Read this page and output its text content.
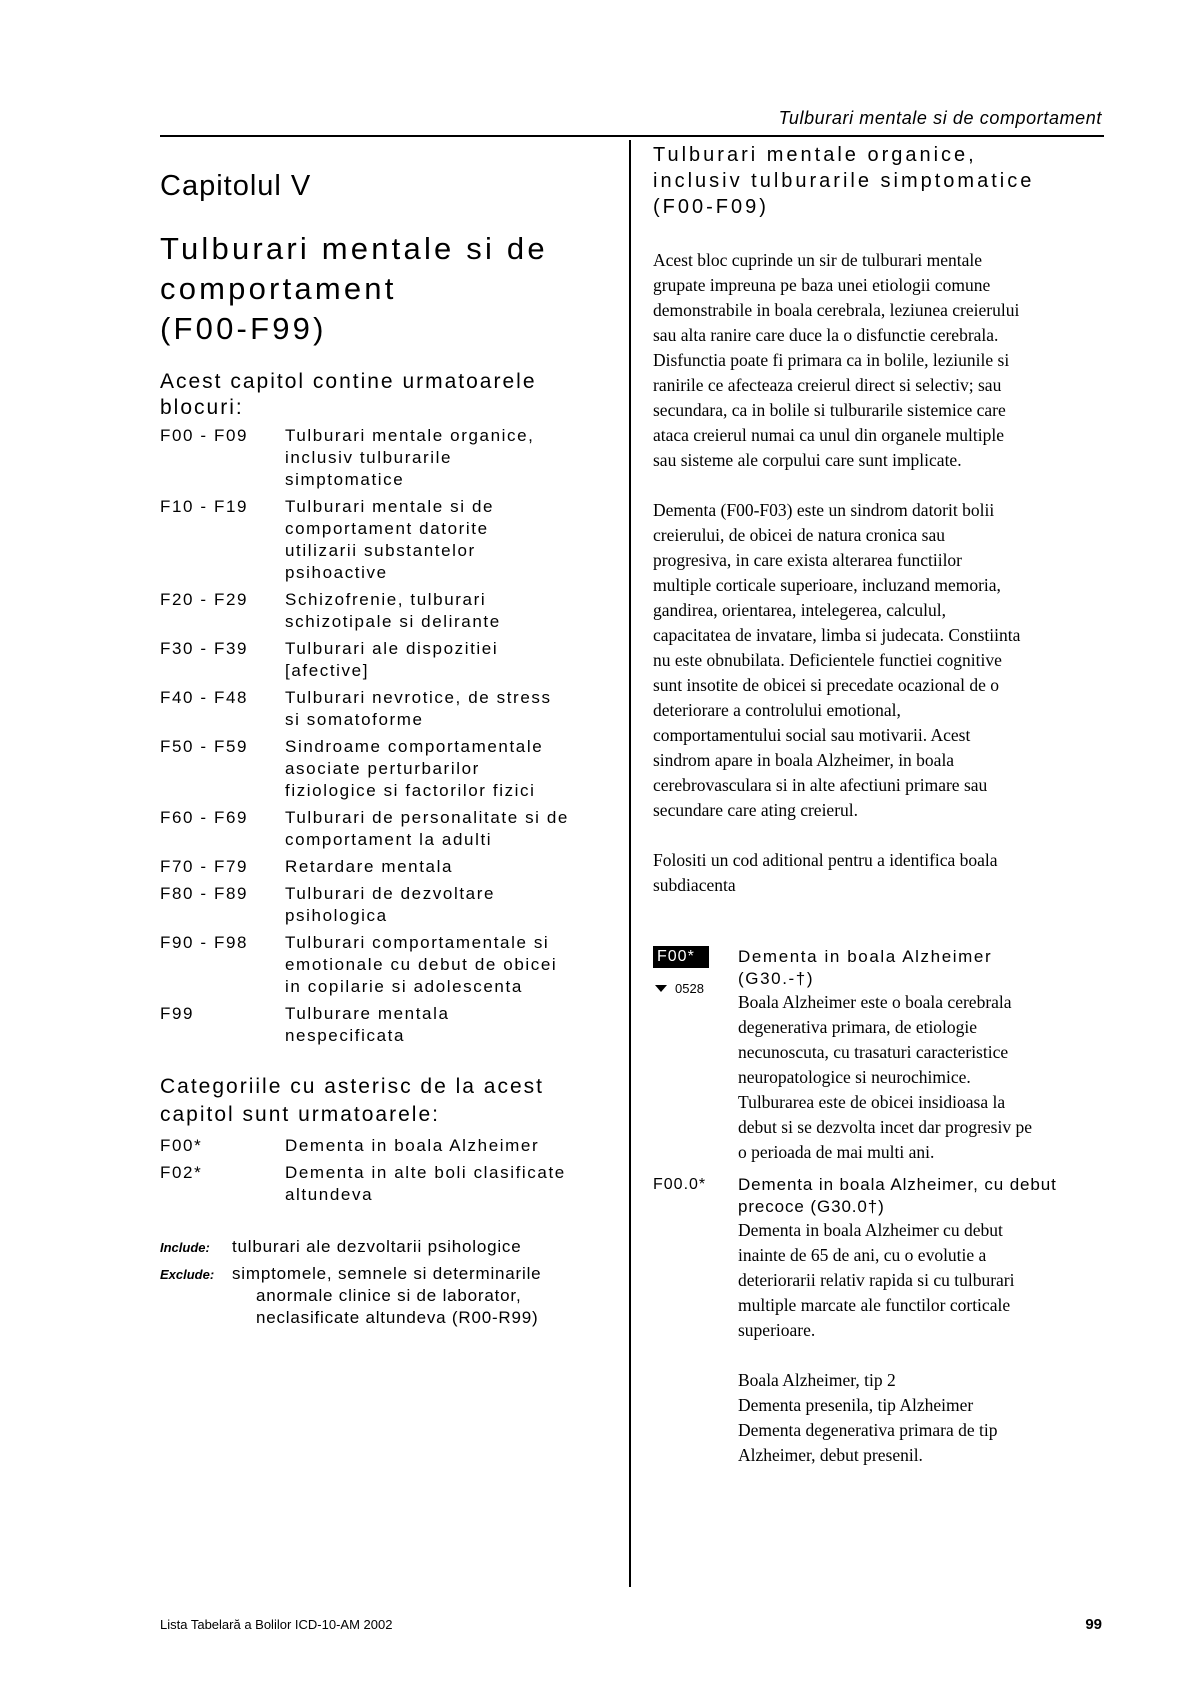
Tulburari mentale si de comportament
Capitolul V
Tulburari mentale si de
comportament
(F00-F99)
Acest capitol contine urmatoarele
blocuri:
F00 - F09	Tulburari mentale organice,
inclusiv tulburarile
simptomatice
F10 - F19	Tulburari mentale si de
comportament datorite
utilizarii substantelor
psihoactive
F20 - F29	Schizofrenie, tulburari
schizotipale si delirante
F30 - F39	Tulburari ale dispozitiei
[afective]
F40 - F48	Tulburari nevrotice, de stress
si somatoforme
F50 - F59	Sindroame comportamentale
asociate perturbarilor
fiziologice si factorilor fizici
F60 - F69	Tulburari de personalitate si de
comportament la adulti
F70 - F79	Retardare mentala
F80 - F89	Tulburari de dezvoltare
psihologica
F90 - F98	Tulburari comportamentale si
emotionale cu debut de obicei
in copilarie si adolescenta
F99	Tulburare mentala
nespecificata
Categoriile cu asterisc de la acest
capitol sunt urmatoarele:
F00*	Dementa in boala Alzheimer
F02*	Dementa in alte boli clasificate
altundeva
Include:	tulburari ale dezvoltarii psihologice
Exclude:	simptomele, semnele si determinarile
anormale clinice si de laborator,
neclasificate altundeva (R00-R99)
Tulburari mentale organice,
inclusiv tulburarile simptomatice
(F00-F09)
Acest bloc cuprinde un sir de tulburari mentale
grupate impreuna pe baza unei etiologii comune
demonstrabile in boala cerebrala, leziunea creierului
sau alta ranire care duce la o disfunctie cerebrala.
Disfunctia poate fi primara ca in bolile, leziunile si
ranirile ce afecteaza creierul direct si selectiv; sau
secundara, ca in bolile si tulburarile sistemice care
ataca creierul numai ca unul din organele multiple
sau sisteme ale corpului care sunt implicate.
Dementa (F00-F03) este un sindrom datorit bolii
creierului, de obicei de natura cronica sau
progresiva, in care exista alterarea functiilor
multiple corticale superioare, incluzand memoria,
gandirea, orientarea, intelegerea, calculul,
capacitatea de invatare, limba si judecata. Constiinta
nu este obnubilata. Deficientele functiei cognitive
sunt insotite de obicei si precedate ocazional de o
deteriorare a controlului emotional,
comportamentului social sau motivarii. Acest
sindrom apare in boala Alzheimer, in boala
cerebrovasculara si in alte afectiuni primare sau
secundare care ating creierul.
Folositi un cod aditional pentru a identifica boala
subdiacenta
F00*
0528
Dementa in boala Alzheimer
(G30.-†)
Boala Alzheimer este o boala cerebrala
degenerativa primara, de etiologie
necunoscuta, cu trasaturi caracteristice
neuropatologice si neurochimice.
Tulburarea este de obicei insidioasa la
debut si se dezvolta incet dar progresiv pe
o perioada de mai multi ani.
F00.0*	Dementa in boala Alzheimer, cu debut
precoce (G30.0†)
Dementa in boala Alzheimer cu debut
inainte de 65 de ani, cu o evolutie a
deteriorarii relativ rapida si cu tulburari
multiple marcate ale functilor corticale
superioare.
Boala Alzheimer, tip 2
Dementa presenila, tip Alzheimer
Dementa degenerativa primara de tip
Alzheimer, debut presenil.
Lista Tabelară a Bolilor ICD-10-AM 2002	99
